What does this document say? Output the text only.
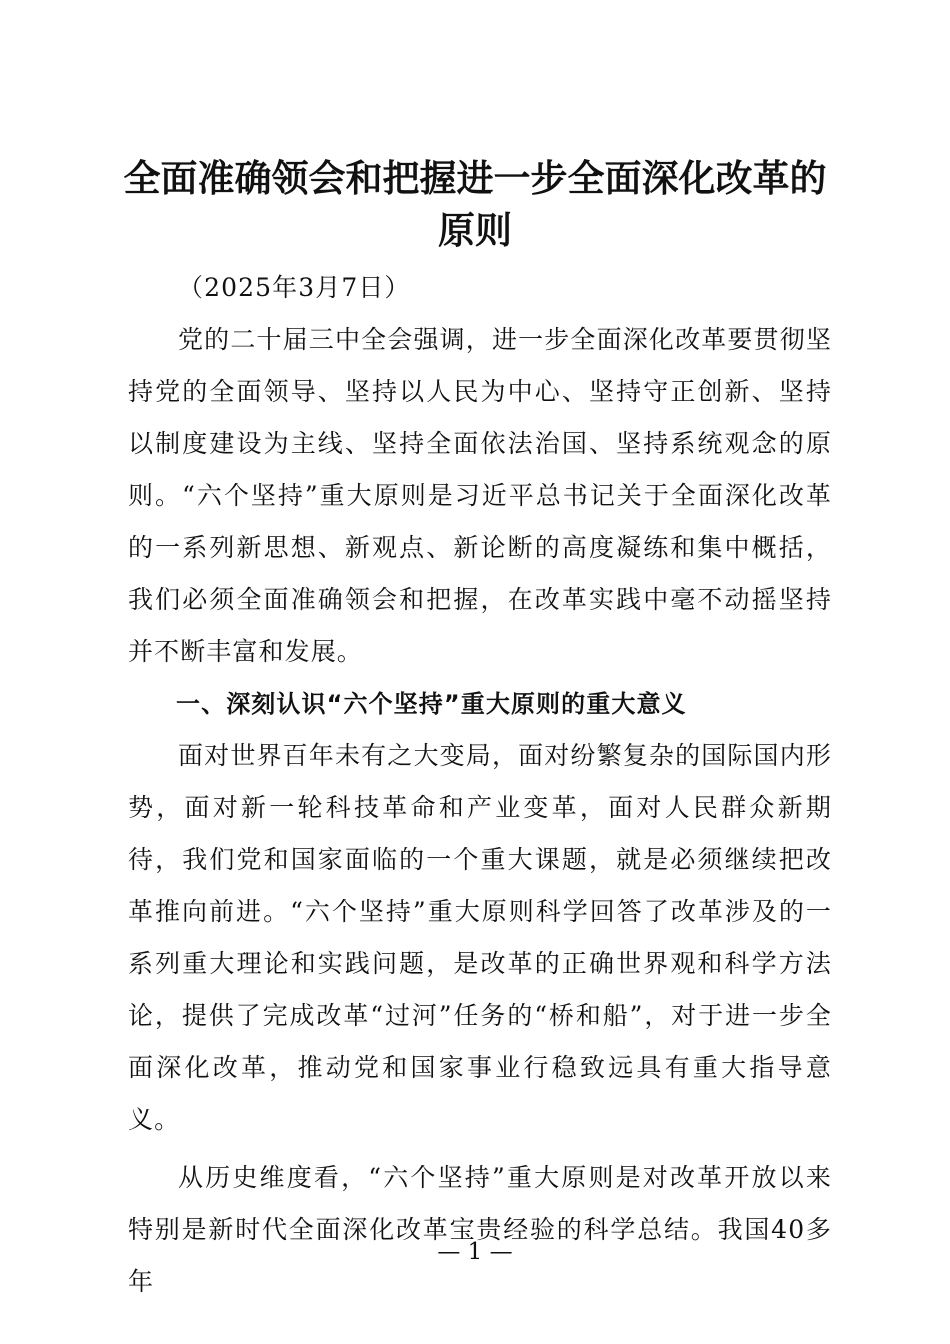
全面准确领会和把握进一步全面深化改革的原则

（2025年3月7日）

党的二十届三中全会强调，进一步全面深化改革要贯彻坚持党的全面领导、坚持以人民为中心、坚持守正创新、坚持以制度建设为主线、坚持全面依法治国、坚持系统观念的原则。“六个坚持”重大原则是习近平总书记关于全面深化改革的一系列新思想、新观点、新论断的高度凝练和集中概括，我们必须全面准确领会和把握，在改革实践中毫不动摇坚持并不断丰富和发展。

一、深刻认识“六个坚持”重大原则的重大意义

面对世界百年未有之大变局，面对纷繁复杂的国际国内形势，面对新一轮科技革命和产业变革，面对人民群众新期待，我们党和国家面临的一个重大课题，就是必须继续把改革推向前进。“六个坚持”重大原则科学回答了改革涉及的一系列重大理论和实践问题，是改革的正确世界观和科学方法论，提供了完成改革“过河”任务的“桥和船”，对于进一步全面深化改革，推动党和国家事业行稳致远具有重大指导意义。

从历史维度看，“六个坚持”重大原则是对改革开放以来特别是新时代全面深化改革宝贵经验的科学总结。我国40多年

— 1 —
